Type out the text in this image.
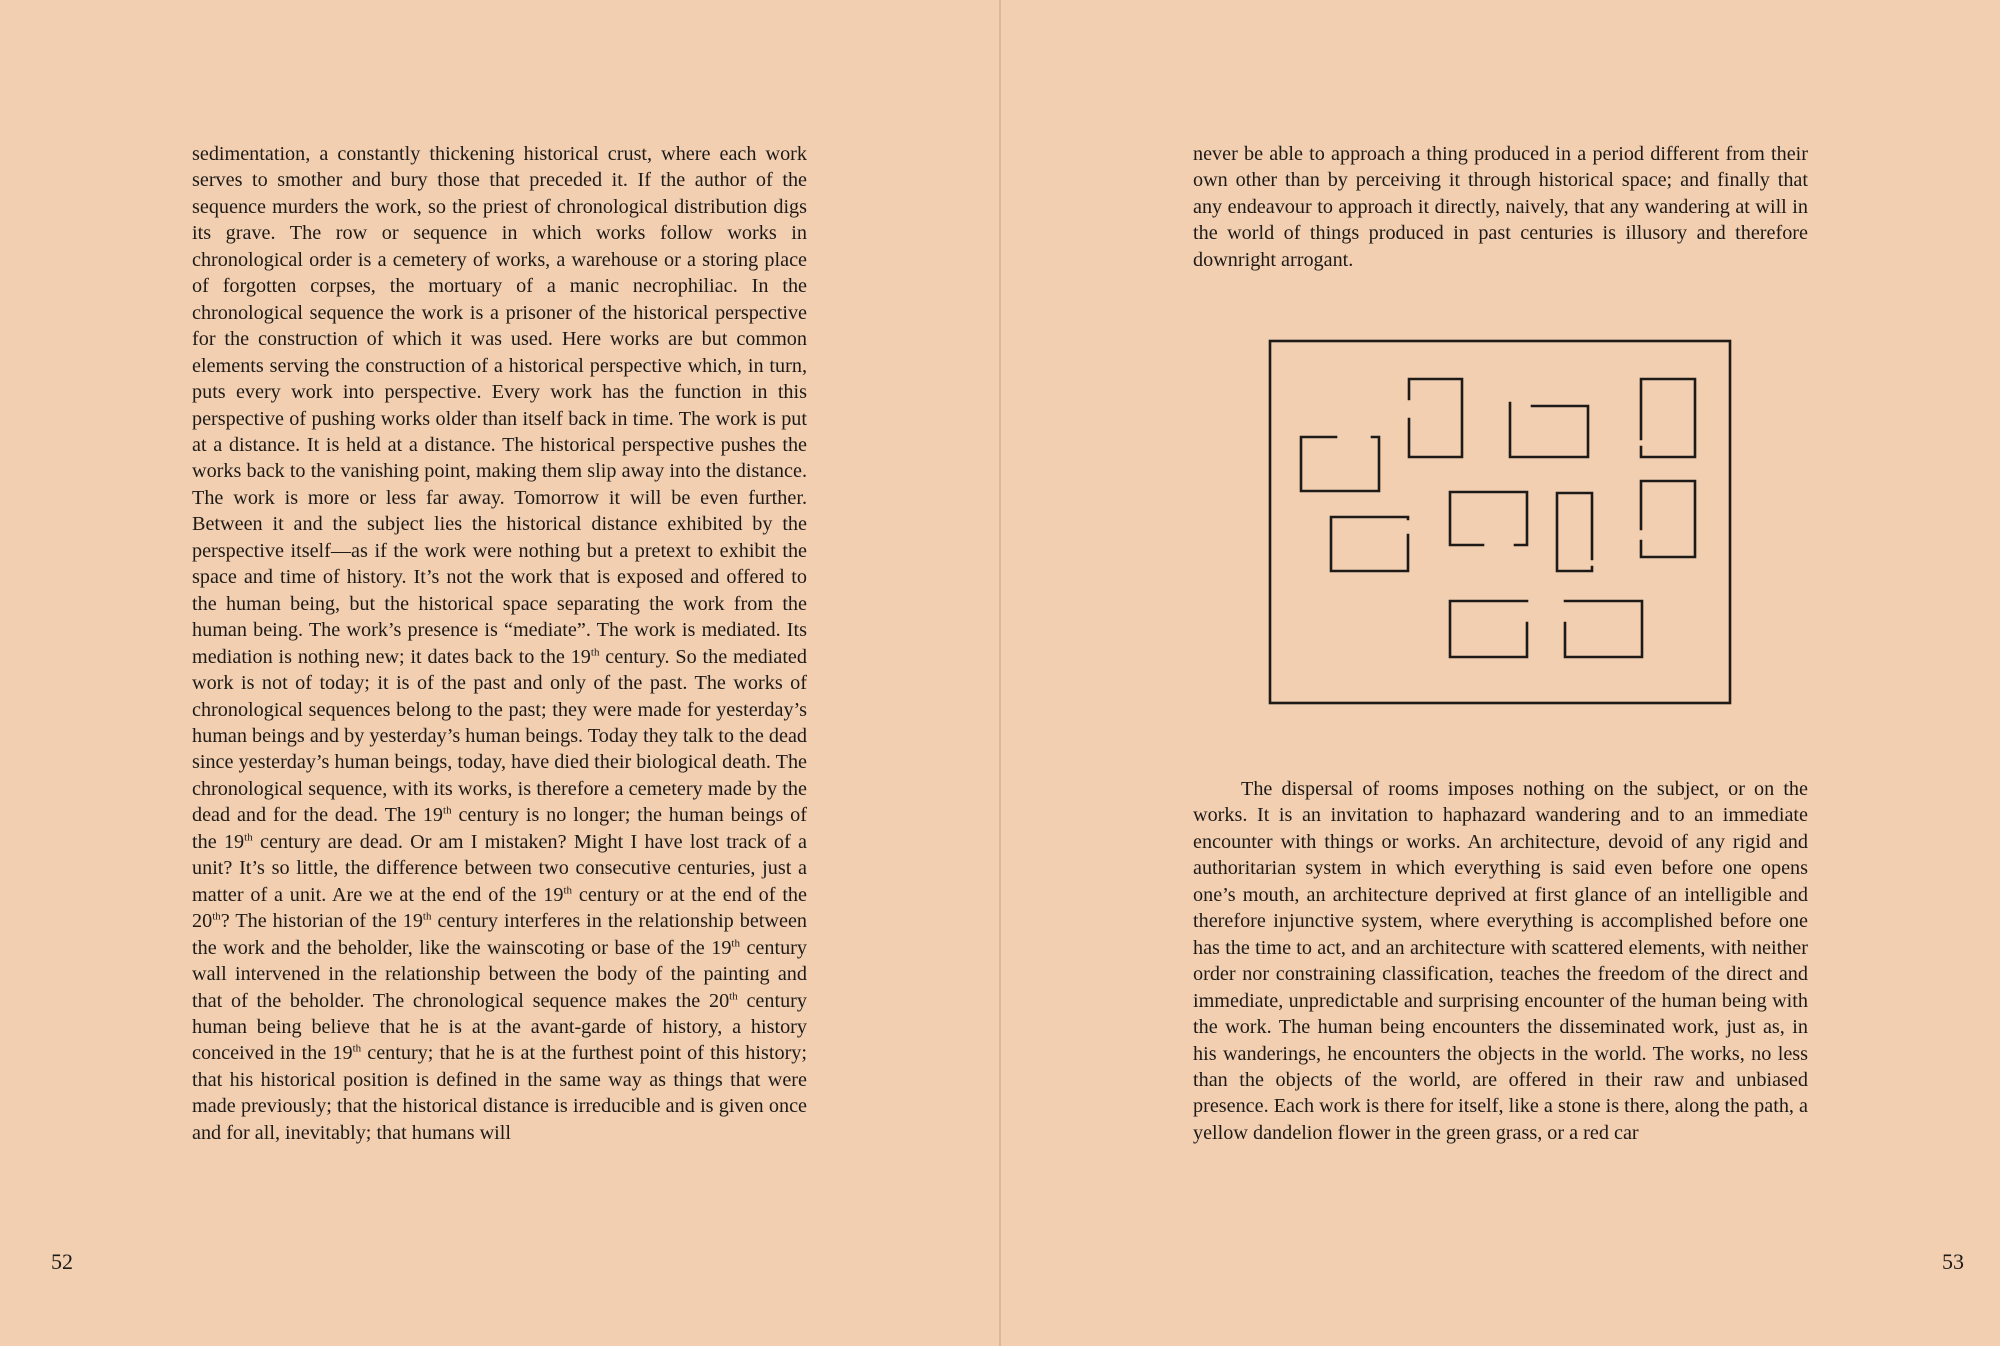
sedimentation, a constantly thickening historical crust, where each work serves to smother and bury those that preceded it. If the author of the sequence murders the work, so the priest of chronological distribution digs its grave. The row or sequence in which works follow works in chronological order is a cemetery of works, a warehouse or a storing place of forgotten corpses, the mortuary of a manic necrophiliac. In the chronological sequence the work is a prisoner of the historical perspective for the construction of which it was used. Here works are but common elements serving the construction of a historical perspective which, in turn, puts every work into perspective. Every work has the function in this perspective of pushing works older than itself back in time. The work is put at a distance. It is held at a distance. The historical perspective pushes the works back to the vanishing point, making them slip away into the distance. The work is more or less far away. Tomorrow it will be even further. Between it and the subject lies the historical distance exhibited by the perspective itself—as if the work were nothing but a pretext to exhibit the space and time of history. It’s not the work that is exposed and offered to the human being, but the historical space separating the work from the human being. The work’s presence is “mediate”. The work is mediated. Its mediation is nothing new; it dates back to the 19th century. So the mediated work is not of today; it is of the past and only of the past. The works of chronological sequences belong to the past; they were made for yesterday’s human beings and by yesterday’s human beings. Today they talk to the dead since yesterday’s human beings, today, have died their biological death. The chronological sequence, with its works, is therefore a cemetery made by the dead and for the dead. The 19th century is no longer; the human beings of the 19th century are dead. Or am I mistaken? Might I have lost track of a unit? It’s so little, the difference between two consecutive centuries, just a matter of a unit. Are we at the end of the 19th century or at the end of the 20th? The historian of the 19th century interferes in the relationship between the work and the beholder, like the wainscoting or base of the 19th century wall intervened in the relationship between the body of the painting and that of the beholder. The chronological sequence makes the 20th century human being believe that he is at the avant-garde of history, a history conceived in the 19th century; that he is at the furthest point of this history; that his historical position is defined in the same way as things that were made previously; that the historical distance is irreducible and is given once and for all, inevitably; that humans will

52

never be able to approach a thing produced in a period different from their own other than by perceiving it through historical space; and finally that any endeavour to approach it directly, naively, that any wandering at will in the world of things produced in past centuries is illusory and therefore downright arrogant.

The dispersal of rooms imposes nothing on the subject, or on the works. It is an invitation to haphazard wandering and to an immediate encounter with things or works. An architecture, devoid of any rigid and authoritarian system in which everything is said even before one opens one’s mouth, an architecture deprived at first glance of an intelligible and therefore injunctive system, where everything is accomplished before one has the time to act, and an architecture with scattered elements, with neither order nor constraining classification, teaches the freedom of the direct and immediate, unpredictable and surprising encounter of the human being with the work. The human being encounters the disseminated work, just as, in his wanderings, he encounters the objects in the world. The works, no less than the objects of the world, are offered in their raw and unbiased presence. Each work is there for itself, like a stone is there, along the path, a yellow dandelion flower in the green grass, or a red car

53
